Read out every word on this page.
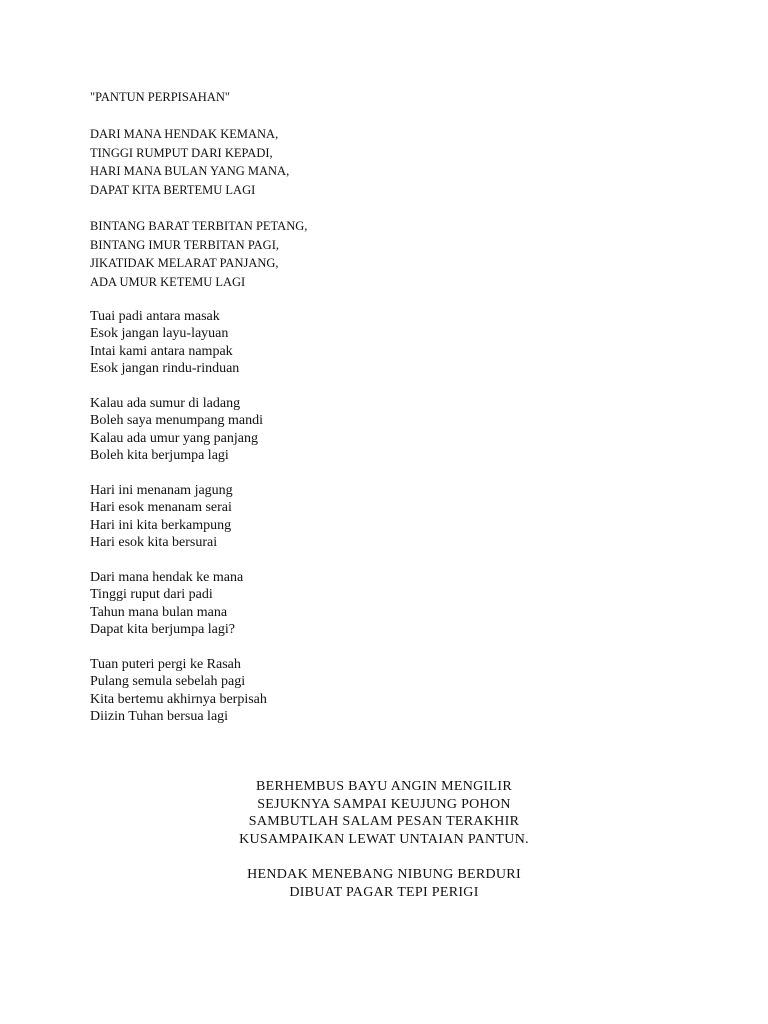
"PANTUN PERPISAHAN"
DARI MANA HENDAK KEMANA,
TINGGI RUMPUT DARI KEPADI,
HARI MANA BULAN YANG MANA,
DAPAT KITA BERTEMU LAGI
BINTANG BARAT TERBITAN PETANG,
BINTANG IMUR TERBITAN PAGI,
JIKATIDAK MELARAT PANJANG,
ADA UMUR KETEMU LAGI
Tuai padi antara masak
Esok jangan layu-layuan
Intai kami antara nampak
Esok jangan rindu-rinduan
Kalau ada sumur di ladang
Boleh saya menumpang mandi
Kalau ada umur yang panjang
Boleh kita berjumpa lagi
Hari ini menanam jagung
Hari esok menanam serai
Hari ini kita berkampung
Hari esok kita bersurai
Dari mana hendak ke mana
Tinggi ruput dari padi
Tahun mana bulan mana
Dapat kita berjumpa lagi?
Tuan puteri pergi ke Rasah
Pulang semula sebelah pagi
Kita bertemu akhirnya berpisah
Diizin Tuhan bersua lagi
BERHEMBUS BAYU ANGIN MENGILIR
SEJUKNYA SAMPAI KEUJUNG POHON
SAMBUTLAH SALAM PESAN TERAKHIR
KUSAMPAIKAN LEWAT UNTAIAN PANTUN.
HENDAK MENEBANG NIBUNG BERDURI
DIBUAT PAGAR TEPI PERIGI
